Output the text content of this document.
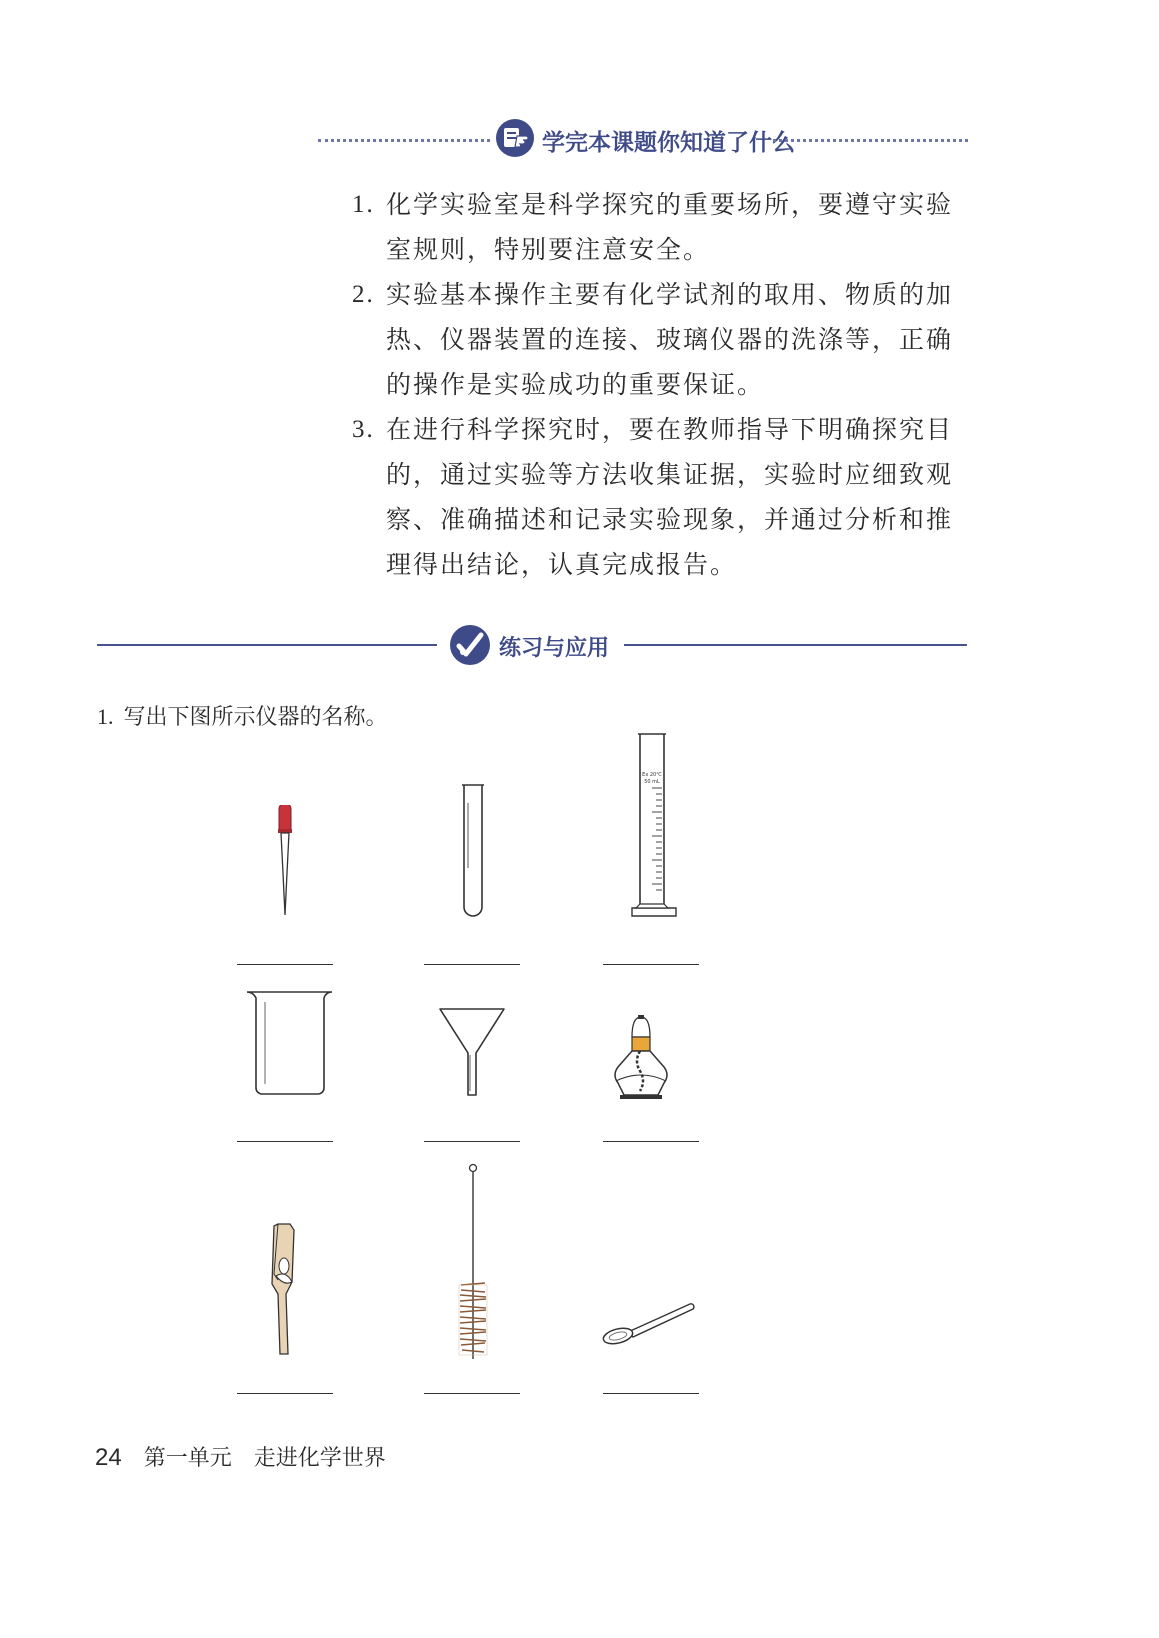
学完本课题你知道了什么
1. 化学实验室是科学探究的重要场所，要遵守实验室规则，特别要注意安全。
2. 实验基本操作主要有化学试剂的取用、物质的加热、仪器装置的连接、玻璃仪器的洗涤等，正确的操作是实验成功的重要保证。
3. 在进行科学探究时，要在教师指导下明确探究目的，通过实验等方法收集证据，实验时应细致观察、准确描述和记录实验现象，并通过分析和推理得出结论，认真完成报告。
练习与应用
1. 写出下图所示仪器的名称。
Ex 20℃
50 mL
24 第一单元 走进化学世界
